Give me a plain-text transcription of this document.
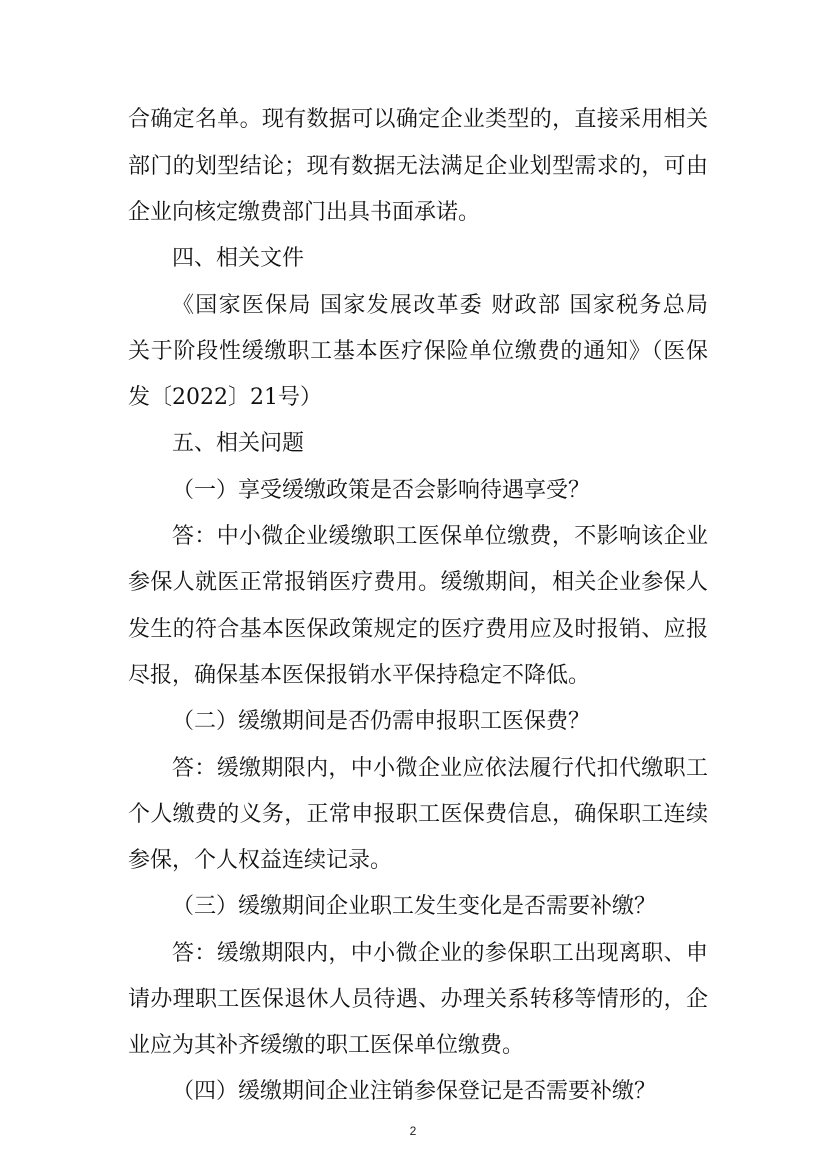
合确定名单。现有数据可以确定企业类型的，直接采用相关
部门的划型结论；现有数据无法满足企业划型需求的，可由
企业向核定缴费部门出具书面承诺。
四、相关文件
《国家医保局 国家发展改革委 财政部 国家税务总局
关于阶段性缓缴职工基本医疗保险单位缴费的通知》（医保
发〔2022〕21号）
五、相关问题
（一）享受缓缴政策是否会影响待遇享受？
答：中小微企业缓缴职工医保单位缴费，不影响该企业
参保人就医正常报销医疗费用。缓缴期间，相关企业参保人
发生的符合基本医保政策规定的医疗费用应及时报销、应报
尽报，确保基本医保报销水平保持稳定不降低。
（二）缓缴期间是否仍需申报职工医保费？
答：缓缴期限内，中小微企业应依法履行代扣代缴职工
个人缴费的义务，正常申报职工医保费信息，确保职工连续
参保，个人权益连续记录。
（三）缓缴期间企业职工发生变化是否需要补缴？
答：缓缴期限内，中小微企业的参保职工出现离职、申
请办理职工医保退休人员待遇、办理关系转移等情形的，企
业应为其补齐缓缴的职工医保单位缴费。
（四）缓缴期间企业注销参保登记是否需要补缴？
2
